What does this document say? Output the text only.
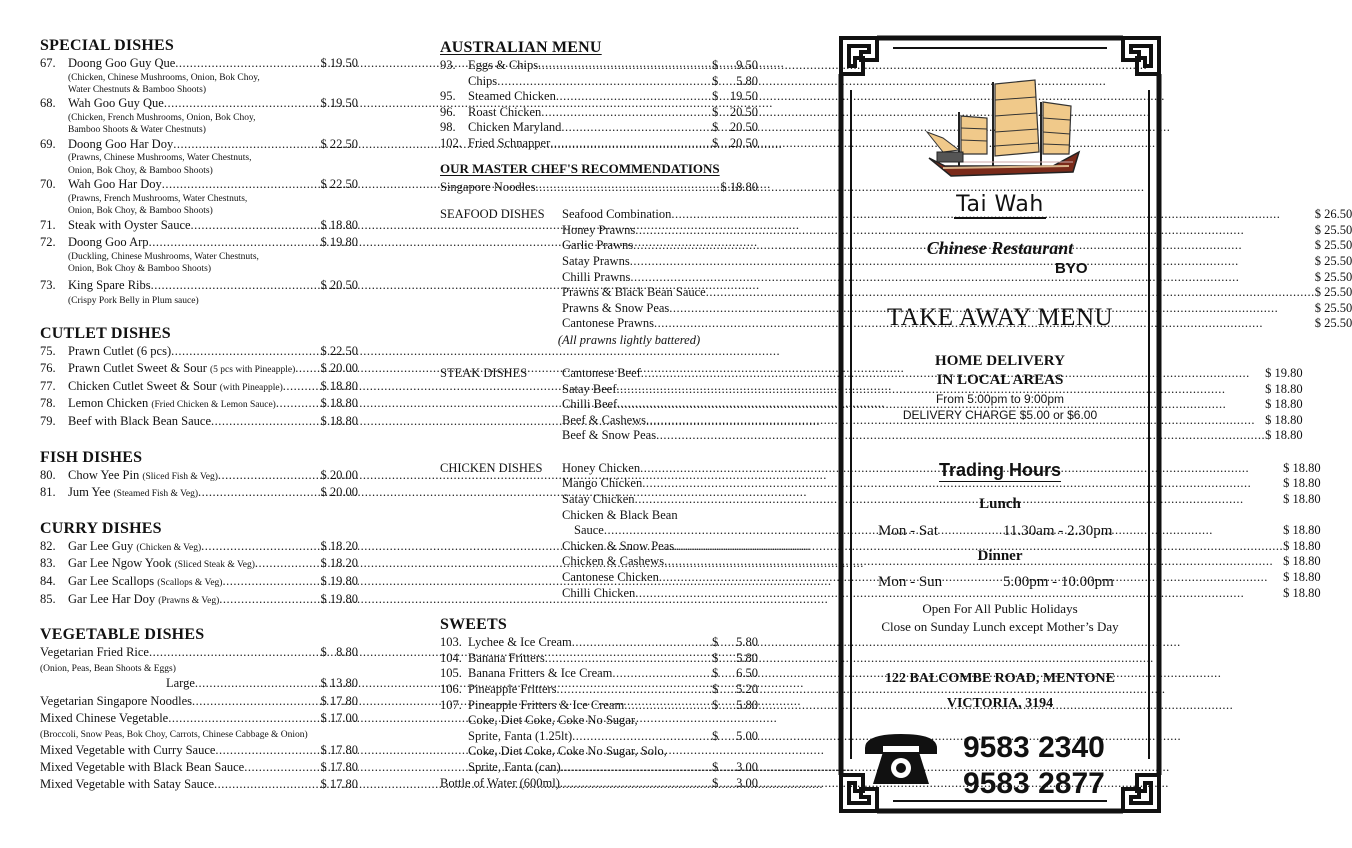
SPECIAL DISHES
67. Doong Goo Guy Que .....	$ 19.50
(Chicken, Chinese Mushrooms, Onion, Bok Choy, Water Chestnuts & Bamboo Shoots)
68. Wah Goo Guy Que .....	$ 19.50
(Chicken, French Mushrooms, Onion, Bok Choy, Bamboo Shoots & Water Chestnuts)
69. Doong Goo Har Doy .....	$ 22.50
(Prawns, Chinese Mushrooms, Water Chestnuts, Onion, Bok Choy, & Bamboo Shoots)
70. Wah Goo Har Doy .....	$ 22.50
(Prawns, French Mushrooms, Water Chestnuts, Onion, Bok Choy, & Bamboo Shoots)
71. Steak with Oyster Sauce .....	$ 18.80
72. Doong Goo Arp .....	$ 19.80
(Duckling, Chinese Mushrooms, Water Chestnuts, Onion, Bok Choy & Bamboo Shoots)
73. King Spare Ribs .....	$ 20.50
(Crispy Pork Belly in Plum sauce)
CUTLET DISHES
75. Prawn Cutlet (6 pcs) .....	$ 22.50
76. Prawn Cutlet Sweet & Sour (5 pcs with Pineapple) ..... $ 20.00
77. Chicken Cutlet Sweet & Sour (with Pineapple) .....	$ 18.80
78. Lemon Chicken (Fried Chicken & Lemon Sauce) .....	$ 18.80
79. Beef with Black Bean Sauce .....	$ 18.80
FISH DISHES
80. Chow Yee Pin (Sliced Fish & Veg) .....	$ 20.00
81. Jum Yee (Steamed Fish & Veg) .....	$ 20.00
CURRY DISHES
82. Gar Lee Guy (Chicken & Veg) .....	$ 18.20
83. Gar Lee Ngow Yook (Sliced Steak & Veg) .....	$ 18.20
84. Gar Lee Scallops (Scallops & Veg) .....	$ 19.80
85. Gar Lee Har Doy (Prawns & Veg) .....	$ 19.80
VEGETABLE DISHES
Vegetarian Fried Rice .....	$   8.80
(Onion, Peas, Bean Shoots & Eggs)
Large .....	$ 13.80
Vegetarian Singapore Noodles .....	$ 17.80
Mixed Chinese Vegetable .....	$ 17.00
(Broccoli, Snow Peas, Bok Choy, Carrots, Chinese Cabbage & Onion)
Mixed Vegetable with Curry Sauce .....	$ 17.80
Mixed Vegetable with Black Bean Sauce .....	$ 17.80
Mixed Vegetable with Satay Sauce .....	$ 17.80
AUSTRALIAN MENU
93. Eggs & Chips .....	$ 9.50
Chips .....	$ 5.80
95. Steamed Chicken .....	$ 19.50
96. Roast Chicken .....	$ 20.50
98. Chicken Maryland .....	$ 20.50
102. Fried Schnapper .....	$ 20.50
OUR MASTER CHEF'S RECOMMENDATIONS
Singapore Noodles .....	$ 18.80
SEAFOOD DISHES	Seafood Combination .....	$ 26.50
Honey Prawns .....	$ 25.50
Garlic Prawns .....	$ 25.50
Satay Prawns .....	$ 25.50
Chilli Prawns .....	$ 25.50
Prawns & Black Bean Sauce .....	$ 25.50
Prawns & Snow Peas .....	$ 25.50
Cantonese Prawns .....	$ 25.50
(All prawns lightly battered)
STEAK DISHES	Cantonese Beef .....	$ 19.80
Satay Beef .....	$ 18.80
Chilli Beef .....	$ 18.80
Beef & Cashews .....	$ 18.80
Beef & Snow Peas .....	$ 18.80
CHICKEN DISHES	Honey Chicken .....	$ 18.80
Mango Chicken .....	$ 18.80
Satay Chicken .....	$ 18.80
Chicken & Black Bean
Sauce .....	$ 18.80
Chicken & Snow Peas .....	$ 18.80
Chicken & Cashews .....	$ 18.80
Cantonese Chicken .....	$ 18.80
Chilli Chicken .....	$ 18.80
SWEETS
103. Lychee & Ice Cream .....	$ 5.80
104. Banana Fritters .....	$ 5.80
105. Banana Fritters & Ice Cream .....	$ 6.50
106. Pineapple Fritters .....	$ 5.20
107. Pineapple Fritters & Ice Cream .....	$ 5.80
Coke, Diet Coke, Coke No Sugar,
Sprite, Fanta (1.25lt) .....	$ 5.00
Coke, Diet Coke, Coke No Sugar, Solo,
Sprite, Fanta (can) .....	$ 3.00
Bottle of Water (600ml) .....	$ 3.00
Tai Wah
Chinese Restaurant
BYO
TAKE AWAY MENU
HOME DELIVERY
IN LOCAL AREAS
From 5:00pm to 9:00pm
DELIVERY CHARGE $5.00 or $6.00
Trading Hours
Lunch
Mon - Sat	11.30am - 2.30pm
Dinner
Mon - Sun	5.00pm - 10.00pm
Open For All Public Holidays
Close on Sunday Lunch except Mother’s Day
122 BALCOMBE ROAD, MENTONE
VICTORIA, 3194
9583 2340
9583 2877
